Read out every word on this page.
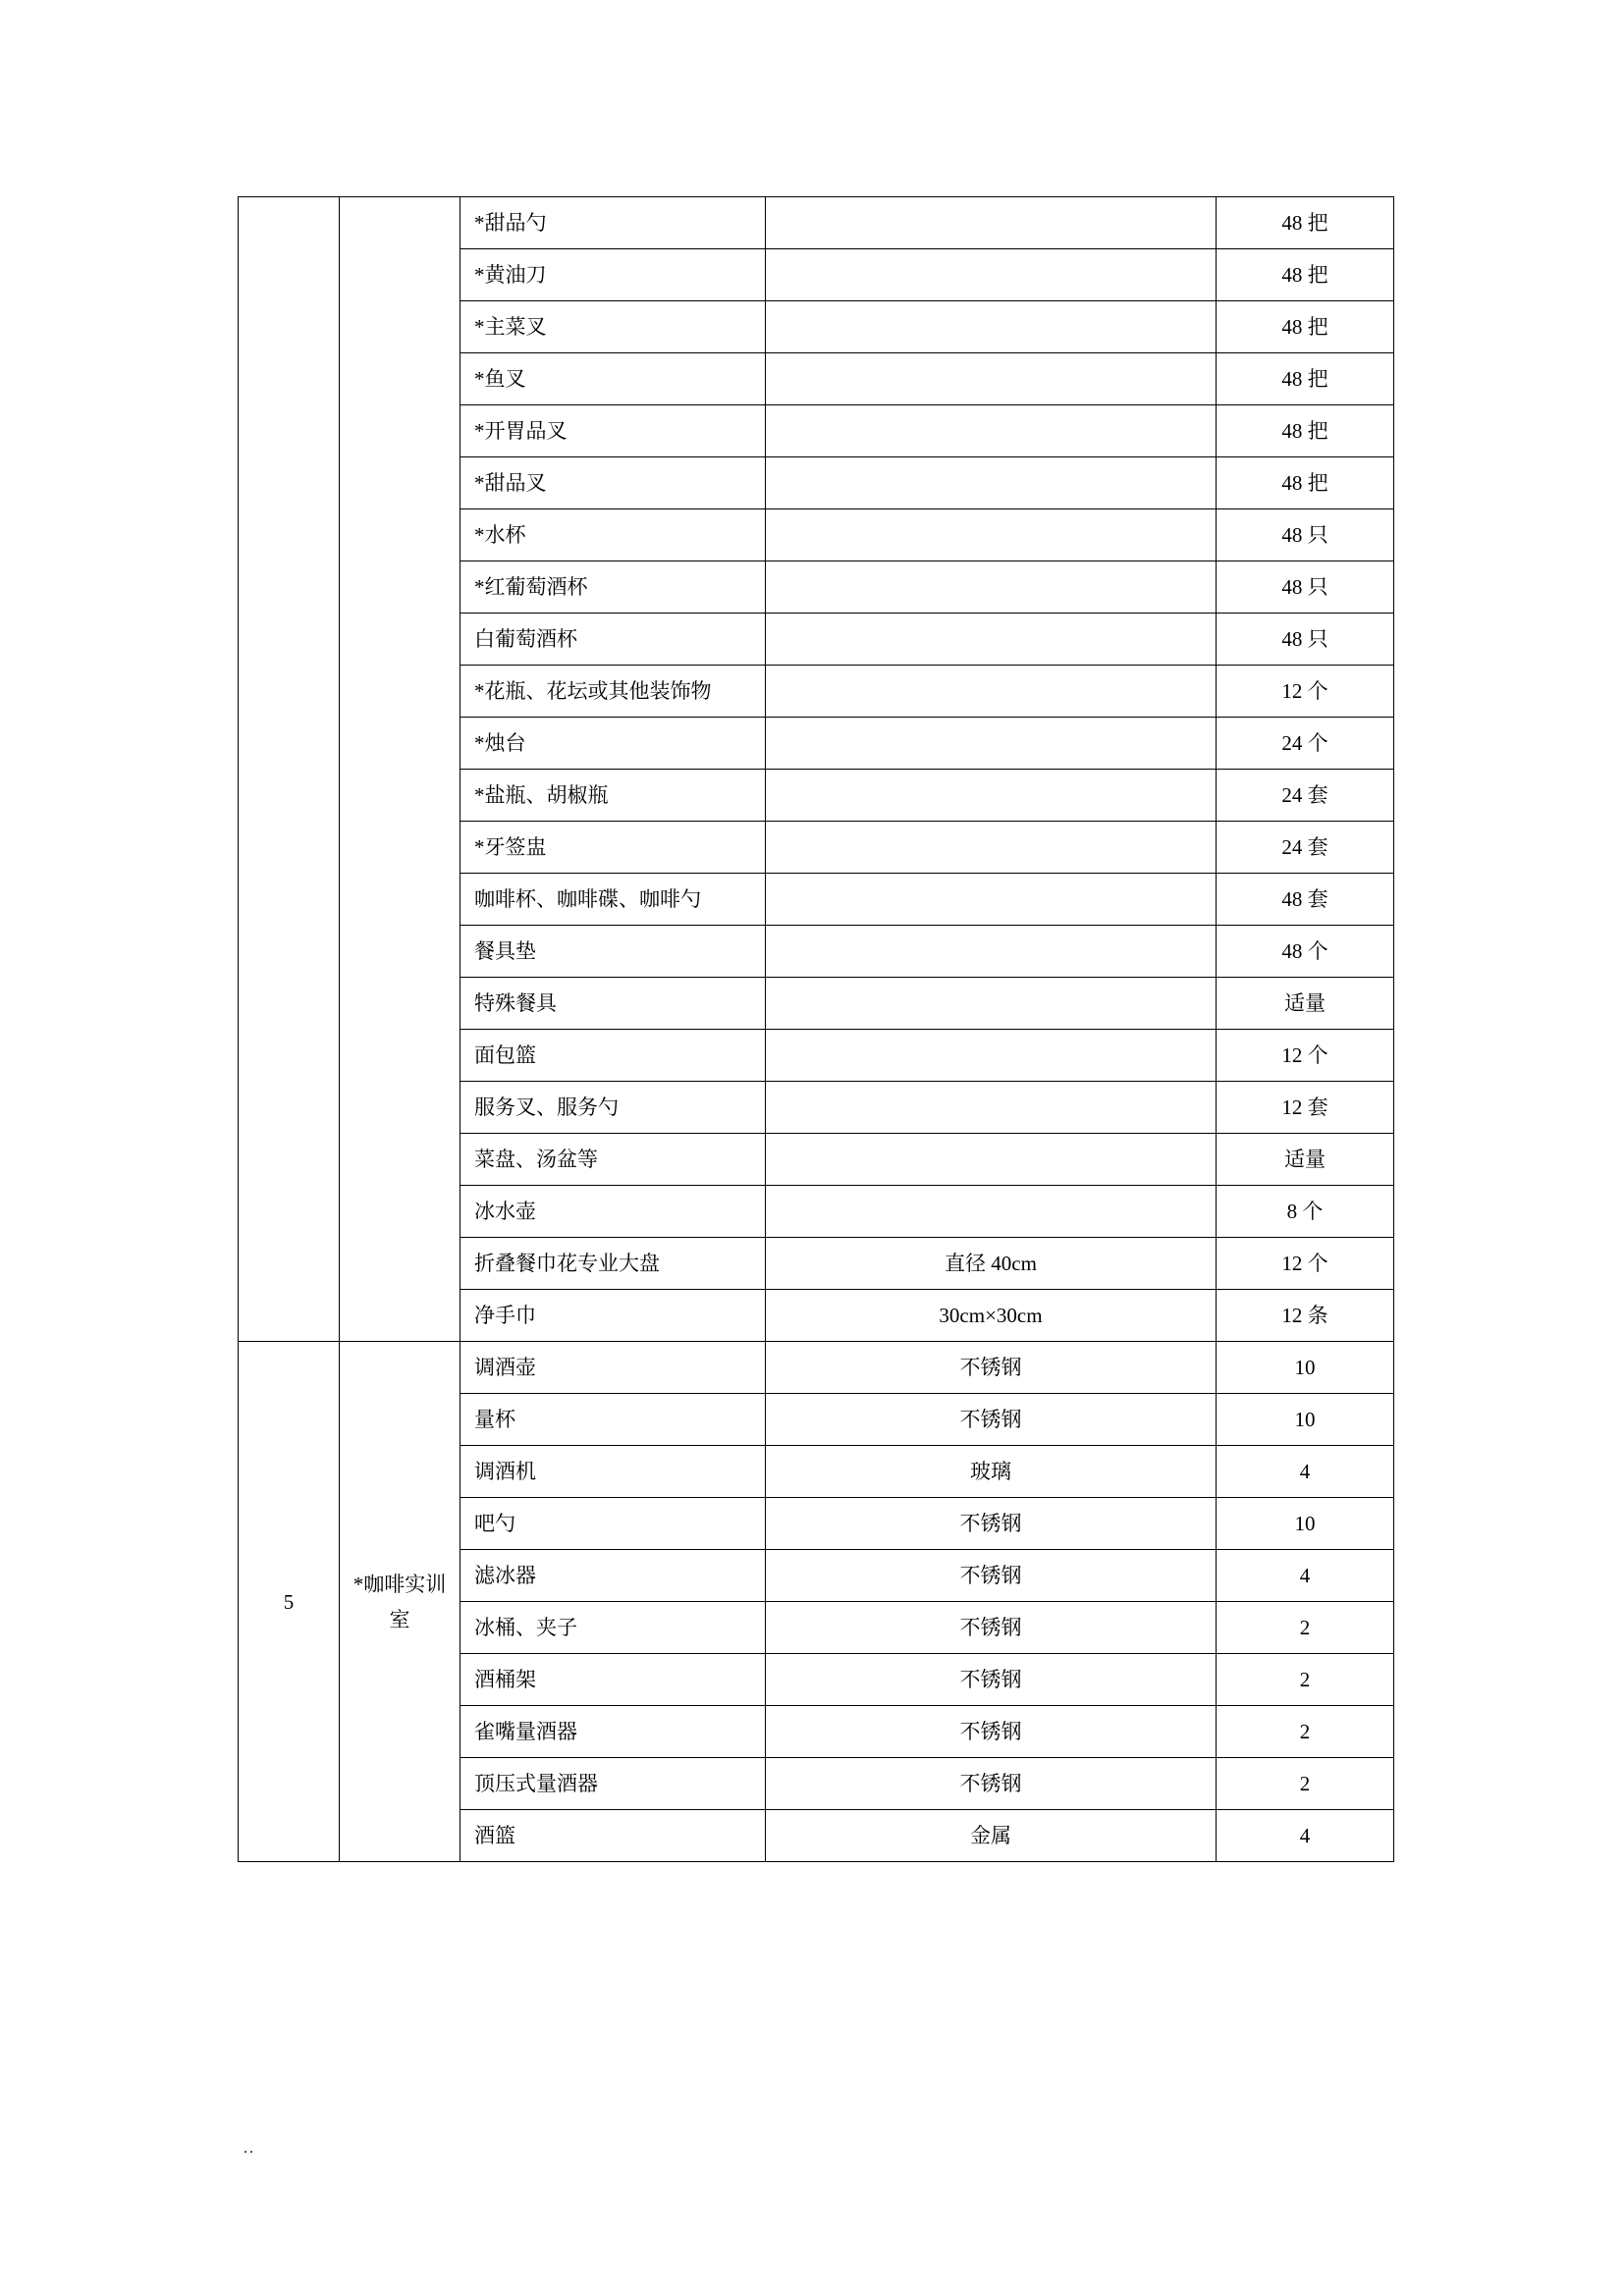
		*甜品勺		48 把

		*黄油刀		48 把

		*主菜叉		48 把

		*鱼叉		48 把

		*开胃品叉		48 把

		*甜品叉		48 把

		*水杯		48 只

		*红葡萄酒杯		48 只

		白葡萄酒杯		48 只

		*花瓶、花坛或其他装饰物		12 个

		*烛台		24 个

		*盐瓶、胡椒瓶		24 套

		*牙签盅		24 套

		咖啡杯、咖啡碟、咖啡勺		48 套

		餐具垫		48 个

		特殊餐具		适量

		面包篮		12 个

		服务叉、服务勺		12 套

		菜盘、汤盆等		适量

		冰水壶		8 个

		折叠餐巾花专业大盘	直径 40cm	12 个

		净手巾	30cm×30cm	12 条

5	*咖啡实训室	调酒壶	不锈钢	10

		量杯	不锈钢	10

		调酒机	玻璃	4

		吧勺	不锈钢	10

		滤冰器	不锈钢	4

		冰桶、夹子	不锈钢	2

		酒桶架	不锈钢	2

		雀嘴量酒器	不锈钢	2

		顶压式量酒器	不锈钢	2

		酒篮	金属	4
..
